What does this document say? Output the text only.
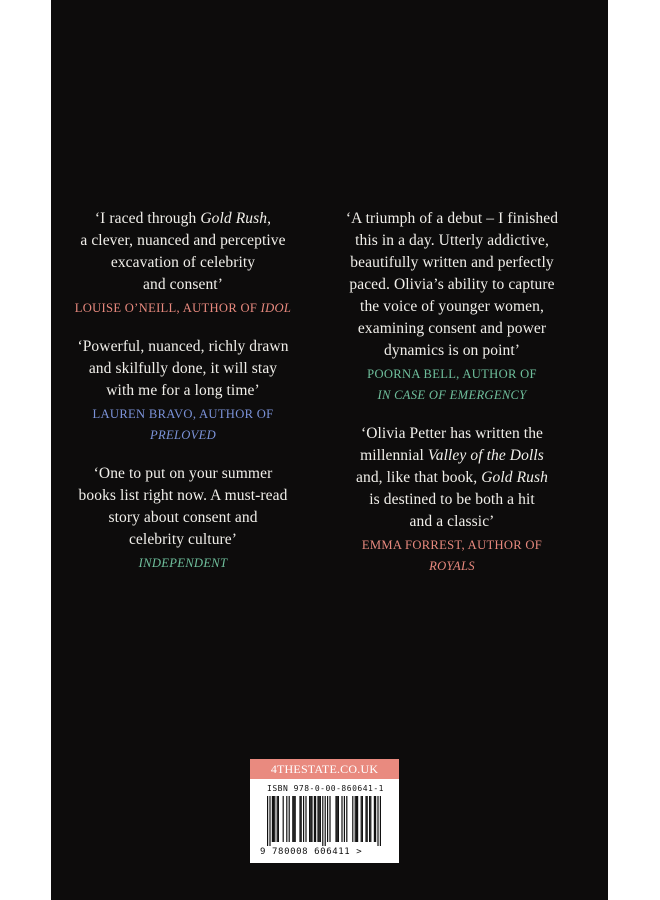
‘I raced through Gold Rush,
a clever, nuanced and perceptive
excavation of celebrity
and consent’

LOUISE O’NEILL, AUTHOR OF IDOL

‘Powerful, nuanced, richly drawn
and skilfully done, it will stay
with me for a long time’

LAUREN BRAVO, AUTHOR OF
PRELOVED

‘One to put on your summer
books list right now. A must-read
story about consent and
celebrity culture’

INDEPENDENT

‘A triumph of a debut – I finished
this in a day. Utterly addictive,
beautifully written and perfectly
paced. Olivia’s ability to capture
the voice of younger women,
examining consent and power
dynamics is on point’

POORNA BELL, AUTHOR OF
IN CASE OF EMERGENCY

‘Olivia Petter has written the
millennial Valley of the Dolls
and, like that book, Gold Rush
is destined to be both a hit
and a classic’

EMMA FORREST, AUTHOR OF
ROYALS

4THESTATE.CO.UK
ISBN 978-0-00-860641-1
9 780008 606411 >
